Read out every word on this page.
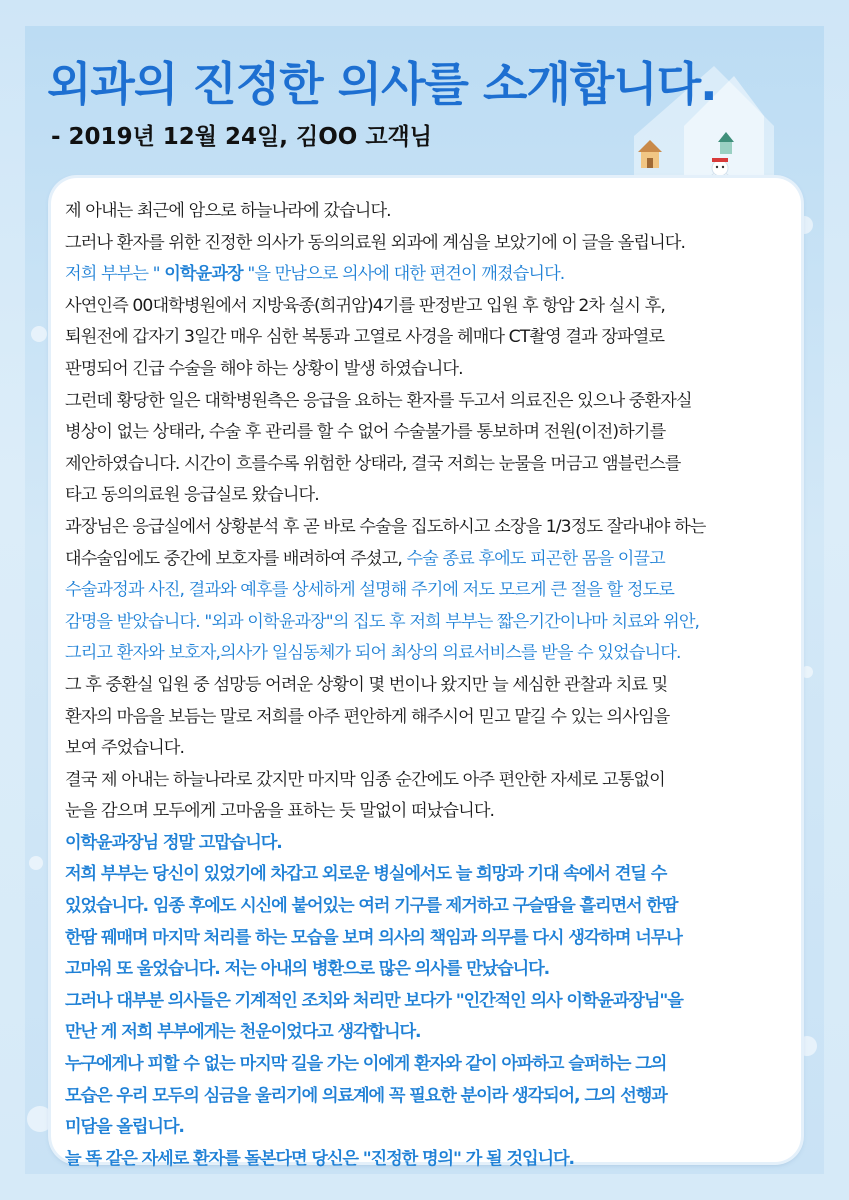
외과의 진정한 의사를 소개합니다.

- 2019년 12월 24일, 김OO 고객님

제 아내는 최근에 암으로 하늘나라에 갔습니다.
그러나 환자를 위한 진정한 의사가 동의의료원 외과에 계심을 보았기에 이 글을 올립니다.
저희 부부는 " 이학윤과장 "을 만남으로 의사에 대한 편견이 깨졌습니다.
사연인즉 00대학병원에서 지방육종(희귀암)4기를 판정받고 입원 후 항암 2차 실시 후,
퇴원전에 갑자기 3일간 매우 심한 복통과 고열로 사경을 헤매다 CT촬영 결과 장파열로
판명되어 긴급 수술을 해야 하는 상황이 발생 하였습니다.
그런데 황당한 일은 대학병원측은 응급을 요하는 환자를 두고서 의료진은 있으나 중환자실
병상이 없는 상태라, 수술 후 관리를 할 수 없어 수술불가를 통보하며 전원(이전)하기를
제안하였습니다. 시간이 흐를수록 위험한 상태라, 결국 저희는 눈물을 머금고 앰블런스를
타고 동의의료원 응급실로 왔습니다.
과장님은 응급실에서 상황분석 후 곧 바로 수술을 집도하시고 소장을 1/3정도 잘라내야 하는
대수술임에도 중간에 보호자를 배려하여 주셨고, 수술 종료 후에도 피곤한 몸을 이끌고
수술과정과 사진, 결과와 예후를 상세하게 설명해 주기에 저도 모르게 큰 절을 할 정도로
감명을 받았습니다. "외과 이학윤과장"의 집도 후 저희 부부는 짧은기간이나마 치료와 위안,
그리고 환자와 보호자,의사가 일심동체가 되어 최상의 의료서비스를 받을 수 있었습니다.
그 후 중환실 입원 중 섬망등 어려운 상황이 몇 번이나 왔지만 늘 세심한 관찰과 치료 및
환자의 마음을 보듬는 말로 저희를 아주 편안하게 해주시어 믿고 맡길 수 있는 의사임을
보여 주었습니다.
결국 제 아내는 하늘나라로 갔지만 마지막 임종 순간에도 아주 편안한 자세로 고통없이
눈을 감으며 모두에게 고마움을 표하는 듯 말없이 떠났습니다.
이학윤과장님 정말 고맙습니다.
저희 부부는 당신이 있었기에 차갑고 외로운 병실에서도 늘 희망과 기대 속에서 견딜 수
있었습니다. 임종 후에도 시신에 붙어있는 여러 기구를 제거하고 구슬땀을 흘리면서 한땀
한땀 꿰매며 마지막 처리를 하는 모습을 보며 의사의 책임과 의무를 다시 생각하며 너무나
고마워 또 울었습니다. 저는 아내의 병환으로 많은 의사를 만났습니다.
그러나 대부분 의사들은 기계적인 조치와 처리만 보다가 "인간적인 의사 이학윤과장님"을
만난 게 저희 부부에게는 천운이었다고 생각합니다.
누구에게나 피할 수 없는 마지막 길을 가는 이에게 환자와 같이 아파하고 슬퍼하는 그의
모습은 우리 모두의 심금을 울리기에 의료계에 꼭 필요한 분이라 생각되어, 그의 선행과
미담을 올립니다.
늘 똑 같은 자세로 환자를 돌본다면 당신은 "진정한 명의" 가 될 것입니다.
